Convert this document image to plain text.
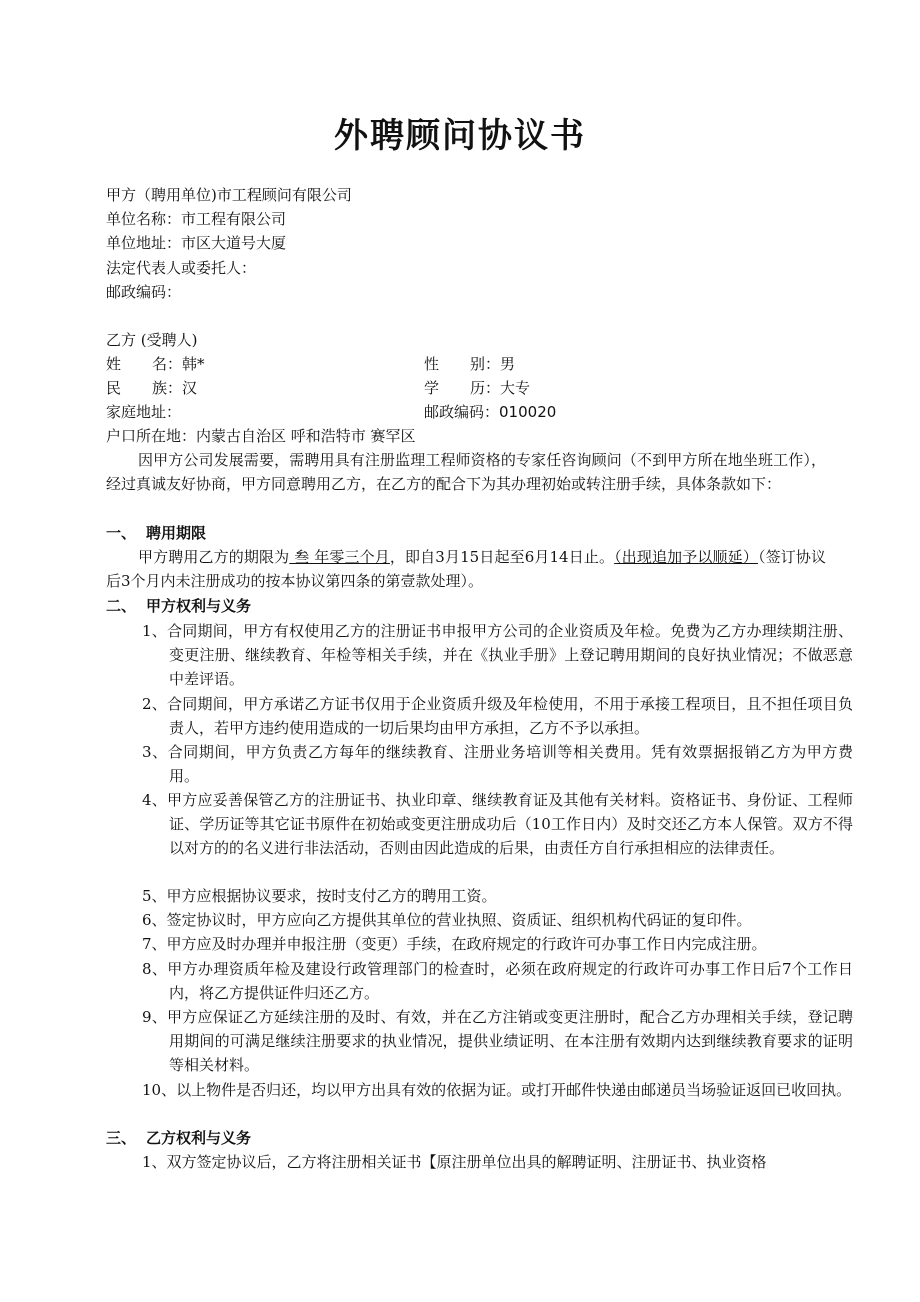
外聘顾问协议书
甲方（聘用单位)市工程顾问有限公司
单位名称：市工程有限公司
单位地址：市区大道号大厦
法定代表人或委托人：
邮政编码：
乙方 (受聘人)
姓 名：韩*	性 别：男
民 族：汉	学 历：大专
家庭地址：	邮政编码：010020
户口所在地：内蒙古自治区 呼和浩特市 赛罕区
因甲方公司发展需要，需聘用具有注册监理工程师资格的专家任咨询顾问（不到甲方所在地坐班工作），经过真诚友好协商，甲方同意聘用乙方，在乙方的配合下为其办理初始或转注册手续，具体条款如下：
一、 聘用期限
甲方聘用乙方的期限为 叁 年零三个月，即自3月15日起至6月14日止。（出现追加予以顺延）（签订协议后3个月内未注册成功的按本协议第四条的第壹款处理）。
二、 甲方权利与义务
1、合同期间，甲方有权使用乙方的注册证书申报甲方公司的企业资质及年检。免费为乙方办理续期注册、变更注册、继续教育、年检等相关手续，并在《执业手册》上登记聘用期间的良好执业情况；不做恶意中差评语。
2、合同期间，甲方承诺乙方证书仅用于企业资质升级及年检使用，不用于承接工程项目，且不担任项目负责人，若甲方违约使用造成的一切后果均由甲方承担，乙方不予以承担。
3、合同期间，甲方负责乙方每年的继续教育、注册业务培训等相关费用。凭有效票据报销乙方为甲方费用。
4、甲方应妥善保管乙方的注册证书、执业印章、继续教育证及其他有关材料。资格证书、身份证、工程师证、学历证等其它证书原件在初始或变更注册成功后（10工作日内）及时交还乙方本人保管。双方不得以对方的的名义进行非法活动，否则由因此造成的后果，由责任方自行承担相应的法律责任。
5、甲方应根据协议要求，按时支付乙方的聘用工资。
6、签定协议时，甲方应向乙方提供其单位的营业执照、资质证、组织机构代码证的复印件。
7、甲方应及时办理并申报注册（变更）手续，在政府规定的行政许可办事工作日内完成注册。
8、甲方办理资质年检及建设行政管理部门的检查时，必须在政府规定的行政许可办事工作日后7个工作日内，将乙方提供证件归还乙方。
9、甲方应保证乙方延续注册的及时、有效，并在乙方注销或变更注册时，配合乙方办理相关手续，登记聘用期间的可满足继续注册要求的执业情况，提供业绩证明、在本注册有效期内达到继续教育要求的证明等相关材料。
10、以上物件是否归还，均以甲方出具有效的依据为证。或打开邮件快递由邮递员当场验证返回已收回执。
三、 乙方权利与义务
1、双方签定协议后，乙方将注册相关证书【原注册单位出具的解聘证明、注册证书、执业资格
